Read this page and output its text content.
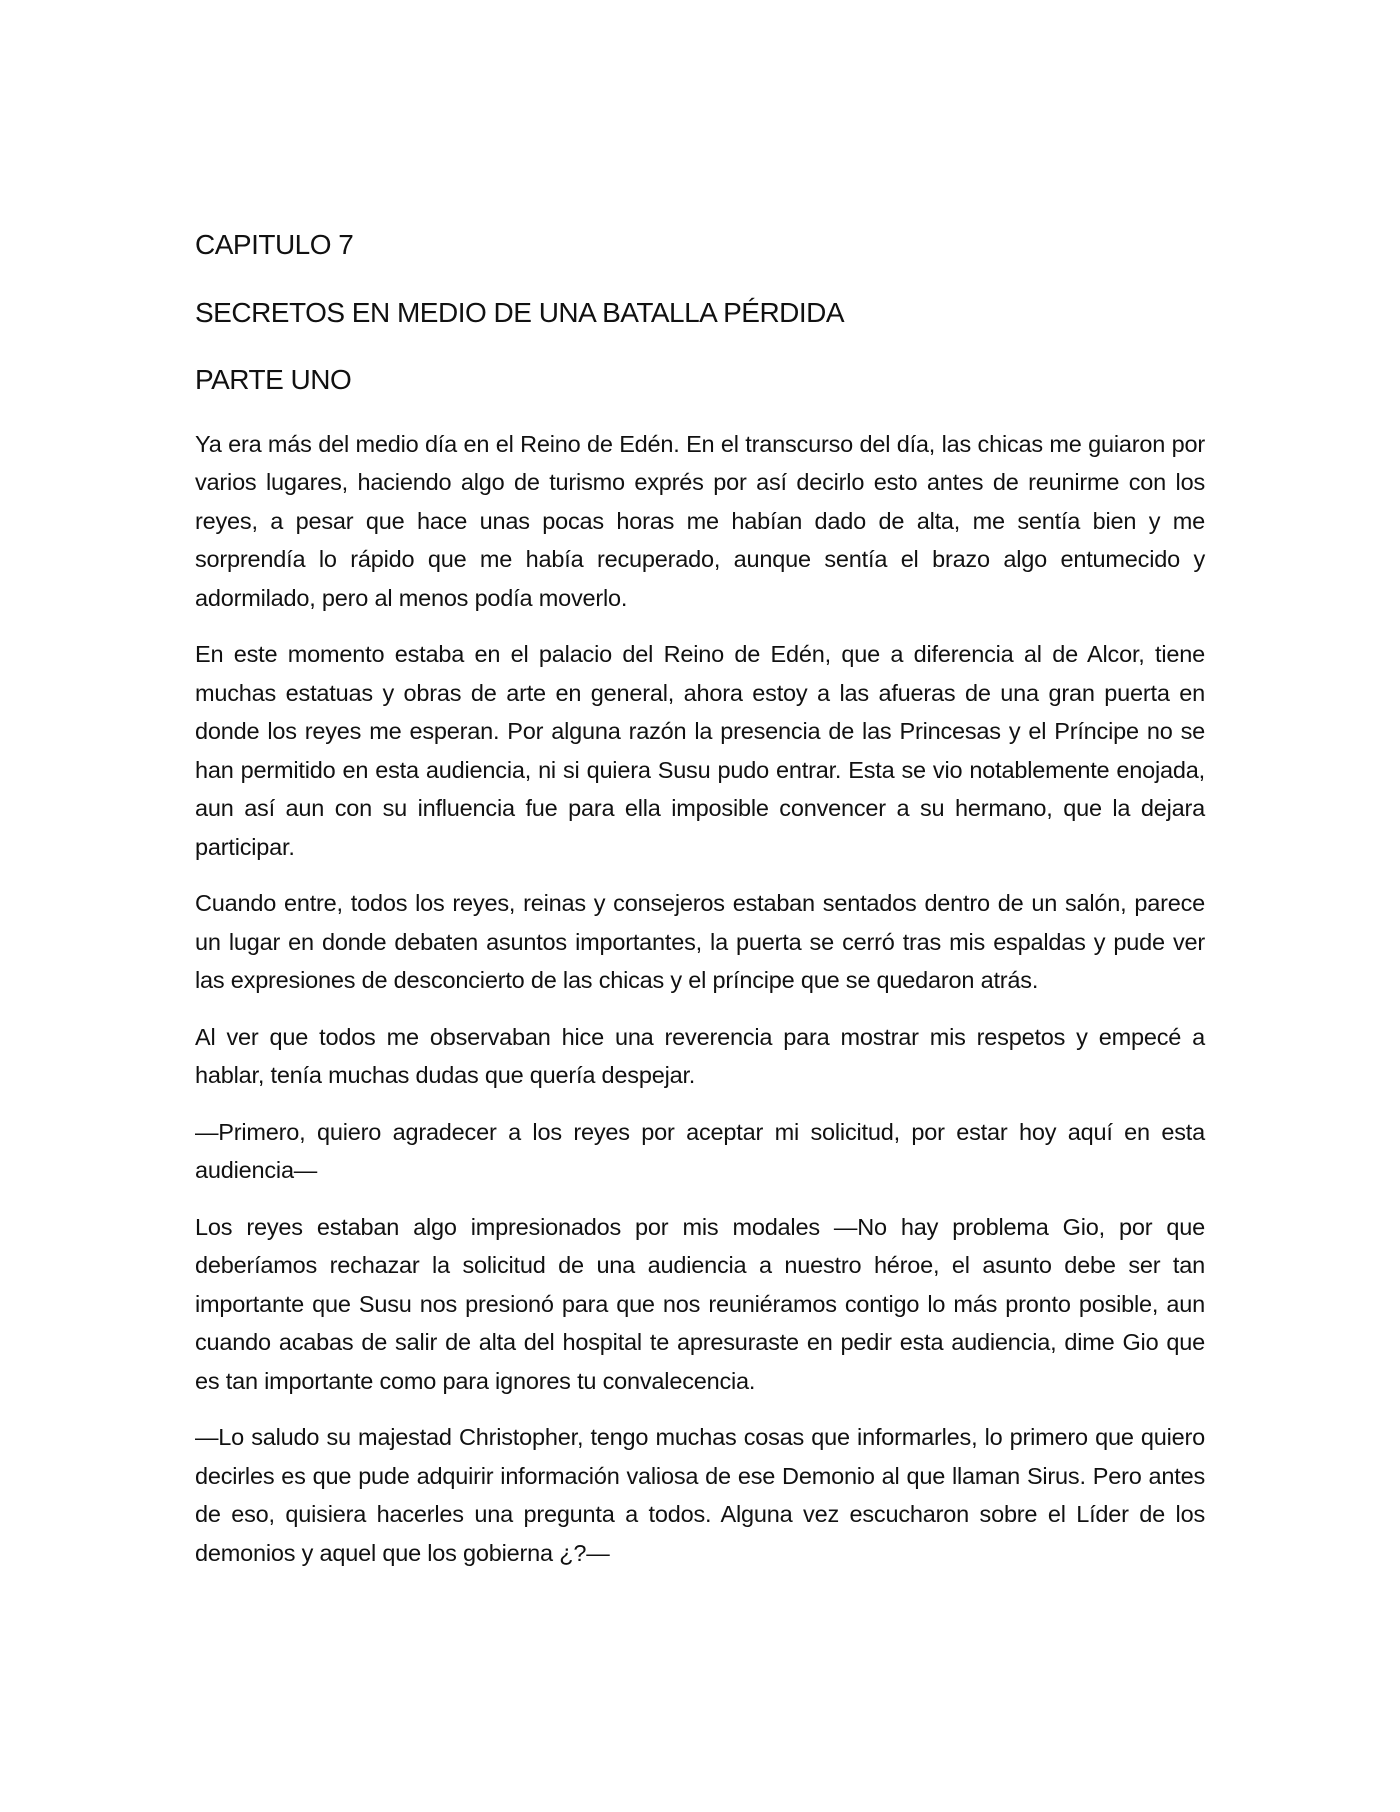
CAPITULO 7
SECRETOS EN MEDIO DE UNA BATALLA PÉRDIDA
PARTE UNO

Ya era más del medio día en el Reino de Edén. En el transcurso del día, las chicas me guiaron por varios lugares, haciendo algo de turismo exprés por así decirlo esto antes de reunirme con los reyes, a pesar que hace unas pocas horas me habían dado de alta, me sentía bien y me sorprendía lo rápido que me había recuperado, aunque sentía el brazo algo entumecido y adormilado, pero al menos podía moverlo.

En este momento estaba en el palacio del Reino de Edén, que a diferencia al de Alcor, tiene muchas estatuas y obras de arte en general, ahora estoy a las afueras de una gran puerta en donde los reyes me esperan. Por alguna razón la presencia de las Princesas y el Príncipe no se han permitido en esta audiencia, ni si quiera Susu pudo entrar. Esta se vio notablemente enojada, aun así aun con su influencia fue para ella imposible convencer a su hermano, que la dejara participar.

Cuando entre, todos los reyes, reinas y consejeros estaban sentados dentro de un salón, parece un lugar en donde debaten asuntos importantes, la puerta se cerró tras mis espaldas y pude ver las expresiones de desconcierto de las chicas y el príncipe que se quedaron atrás.

Al ver que todos me observaban hice una reverencia para mostrar mis respetos y empecé a hablar, tenía muchas dudas que quería despejar.

—Primero, quiero agradecer a los reyes por aceptar mi solicitud, por estar hoy aquí en esta audiencia—

Los reyes estaban algo impresionados por mis modales —No hay problema Gio, por que deberíamos rechazar la solicitud de una audiencia a nuestro héroe, el asunto debe ser tan importante que Susu nos presionó para que nos reuniéramos contigo lo más pronto posible, aun cuando acabas de salir de alta del hospital te apresuraste en pedir esta audiencia, dime Gio que es tan importante como para ignores tu convalecencia.

—Lo saludo su majestad Christopher, tengo muchas cosas que informarles, lo primero que quiero decirles es que pude adquirir información valiosa de ese Demonio al que llaman Sirus. Pero antes de eso, quisiera hacerles una pregunta a todos. Alguna vez escucharon sobre el Líder de los demonios y aquel que los gobierna ¿?—
